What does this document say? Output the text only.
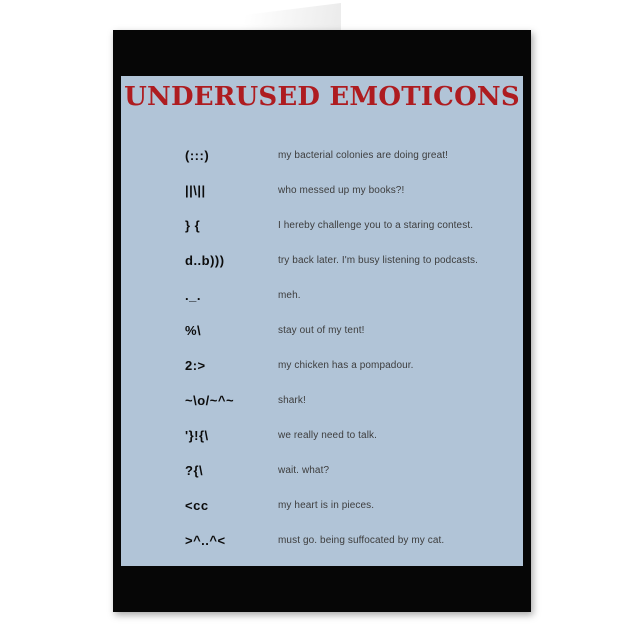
UNDERUSED EMOTICONS
(:::)	my bacterial colonies are doing great!
||\||	who messed up my books?!
} {	I hereby challenge you to a staring contest.
d..b)))	try back later. I'm busy listening to podcasts.
._.	meh.
%\	stay out of my tent!
2:>	my chicken has a pompadour.
~\o/~^~	shark!
'}!{\	we really need to talk.
?{\	wait. what?
<cc	my heart is in pieces.
>^..^<	must go. being suffocated by my cat.
